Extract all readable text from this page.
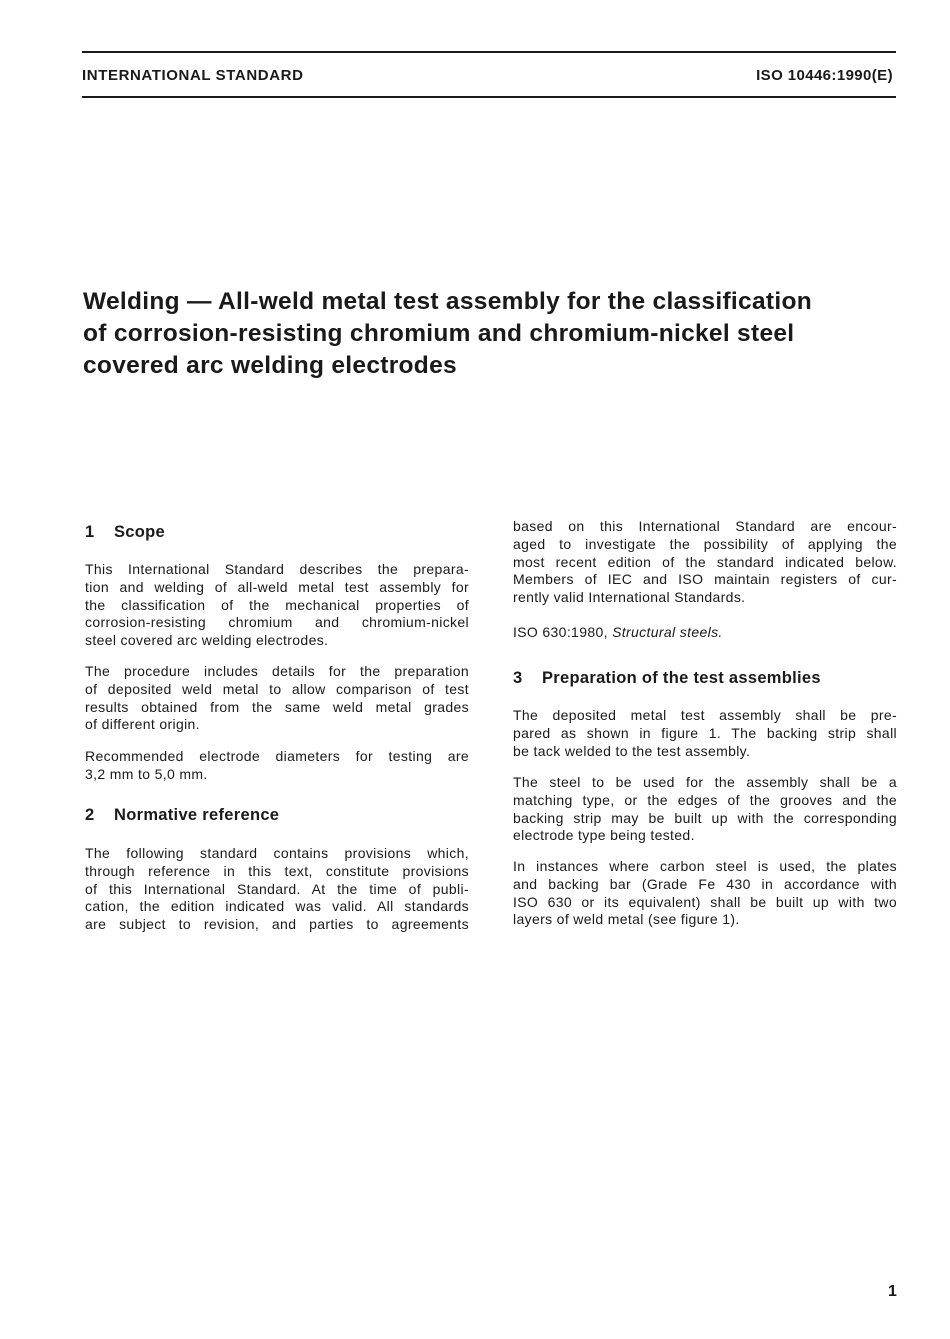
INTERNATIONAL STANDARD	ISO 10446:1990(E)
Welding — All-weld metal test assembly for the classification
of corrosion-resisting chromium and chromium-nickel steel
covered arc welding electrodes
1 Scope

This International Standard describes the prepara-
tion and welding of all-weld metal test assembly for
the classification of the mechanical properties of
corrosion-resisting chromium and chromium-nickel
steel covered arc welding electrodes.

The procedure includes details for the preparation
of deposited weld metal to allow comparison of test
results obtained from the same weld metal grades
of different origin.

Recommended electrode diameters for testing are
3,2 mm to 5,0 mm.

2 Normative reference

The following standard contains provisions which,
through reference in this text, constitute provisions
of this International Standard. At the time of publi-
cation, the edition indicated was valid. All standards
are subject to revision, and parties to agreements

based on this International Standard are encour-
aged to investigate the possibility of applying the
most recent edition of the standard indicated below.
Members of IEC and ISO maintain registers of cur-
rently valid International Standards.

ISO 630:1980, Structural steels.
3 Preparation of the test assemblies

The deposited metal test assembly shall be pre-
pared as shown in figure 1. The backing strip shall
be tack welded to the test assembly.

The steel to be used for the assembly shall be a
matching type, or the edges of the grooves and the
backing strip may be built up with the corresponding
electrode type being tested.

In instances where carbon steel is used, the plates
and backing bar (Grade Fe 430 in accordance with
ISO 630 or its equivalent) shall be built up with two
layers of weld metal (see figure 1).

1
